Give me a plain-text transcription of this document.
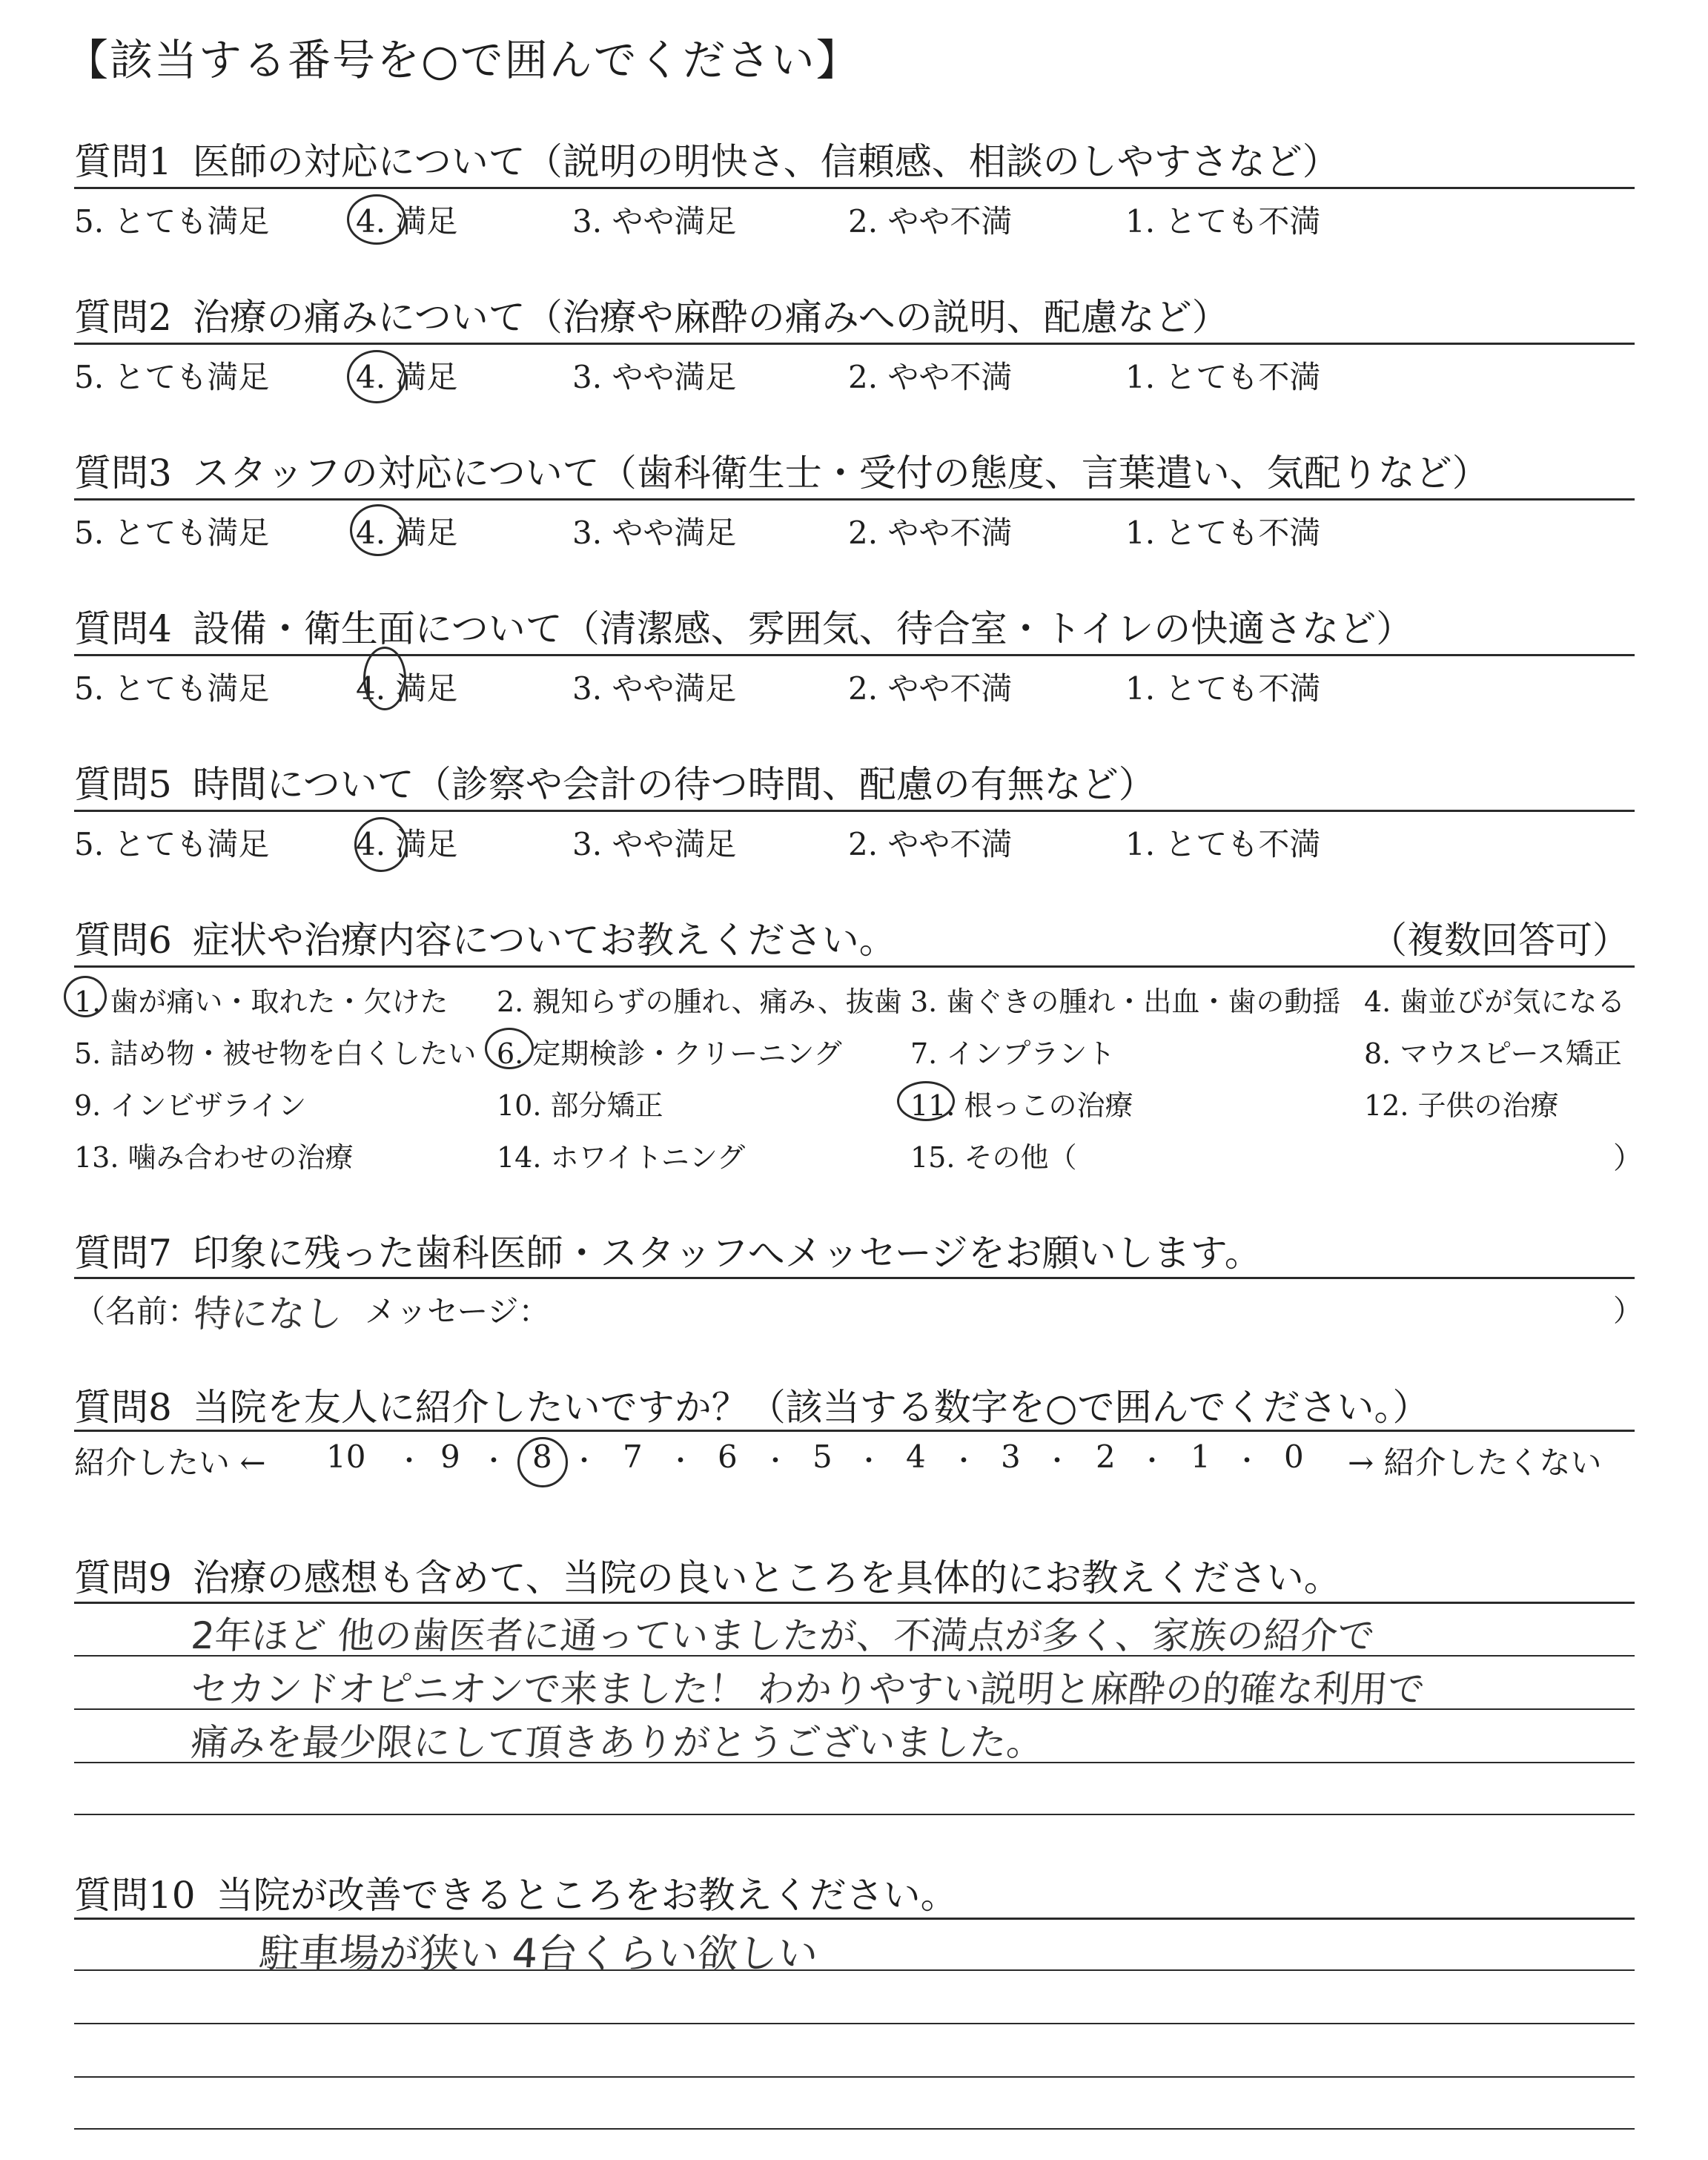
【該当する番号を○で囲んでください】
質問1 医師の対応について（説明の明快さ、信頼感、相談のしやすさなど）
5. とても満足	4. 満足	3. やや満足	2. やや不満	1. とても不満
質問2 治療の痛みについて（治療や麻酔の痛みへの説明、配慮など）
5. とても満足	4. 満足	3. やや満足	2. やや不満	1. とても不満
質問3 スタッフの対応について（歯科衛生士・受付の態度、言葉遣い、気配りなど）
5. とても満足	4. 満足	3. やや満足	2. やや不満	1. とても不満
質問4 設備・衛生面について（清潔感、雰囲気、待合室・トイレの快適さなど）
5. とても満足	4. 満足	3. やや満足	2. やや不満	1. とても不満
質問5 時間について（診察や会計の待つ時間、配慮の有無など）
5. とても満足	4. 満足	3. やや満足	2. やや不満	1. とても不満
質問6 症状や治療内容についてお教えください。	（複数回答可）
1. 歯が痛い・取れた・欠けた 2. 親知らずの腫れ、痛み、抜歯 3. 歯ぐきの腫れ・出血・歯の動揺 4. 歯並びが気になる
5. 詰め物・被せ物を白くしたい 6. 定期検診・クリーニング 7. インプラント	8. マウスピース矯正
9. インビザライン	10. 部分矯正	11. 根っこの治療	12. 子供の治療
13. 噛み合わせの治療	14. ホワイトニング	15. その他（	）
質問7 印象に残った歯科医師・スタッフへメッセージをお願いします。
（名前：
特になし メッセージ：	）
質問8 当院を友人に紹介したいですか？（該当する数字を○で囲んでください。）
紹介したい ← 10 ・ 9 ・ 8 ・ 7 ・ 6 ・ 5 ・ 4 ・ 3 ・ 2 ・ 1 ・ 0 → 紹介したくない
質問9 治療の感想も含めて、当院の良いところを具体的にお教えください。
2年ほど 他の歯医者に通っていましたが、不満点が多く、家族の紹介で
セカンドオピニオンで来ました！ わかりやすい説明と麻酔の的確な利用で
痛みを最少限にして頂きありがとうございました。
質問10 当院が改善できるところをお教えください。
駐車場が狭い 4台くらい欲しい
